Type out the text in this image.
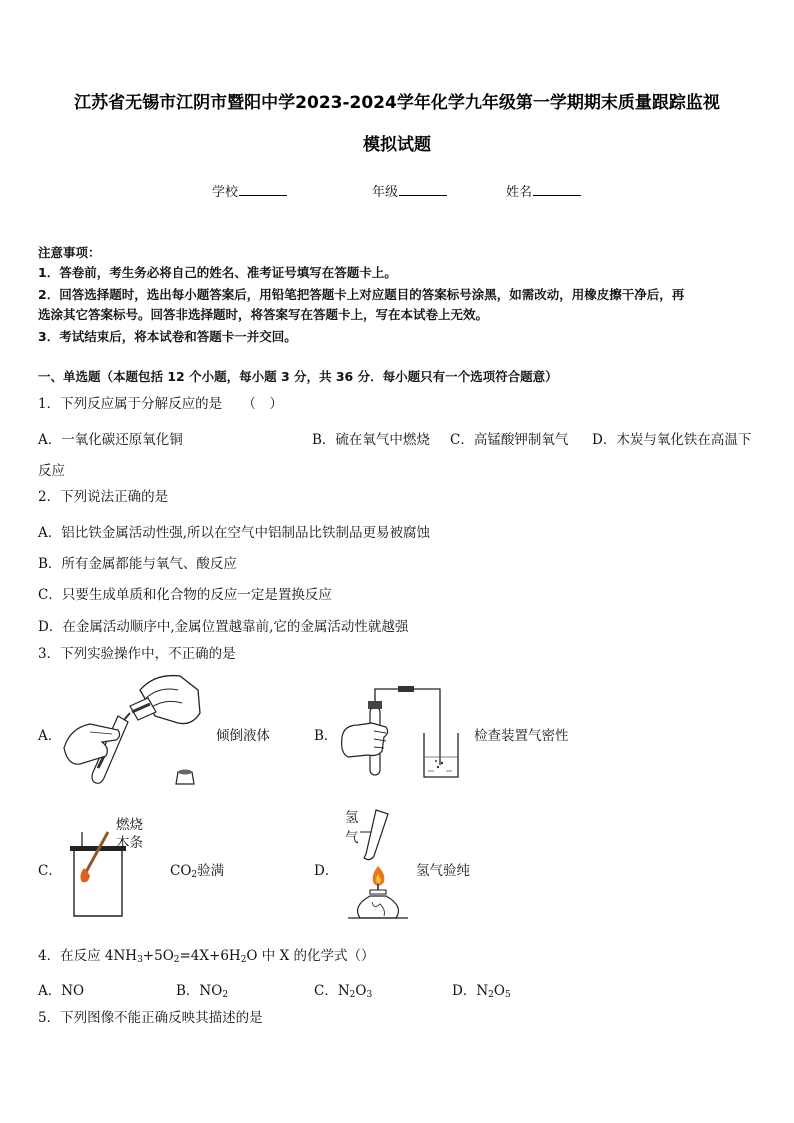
江苏省无锡市江阴市暨阳中学2023-2024学年化学九年级第一学期期末质量跟踪监视
模拟试题
学校	年级	姓名
注意事项：
1．答卷前，考生务必将自己的姓名、准考证号填写在答题卡上。
2．回答选择题时，选出每小题答案后，用铅笔把答题卡上对应题目的答案标号涂黑，如需改动，用橡皮擦干净后，再
选涂其它答案标号。回答非选择题时，将答案写在答题卡上，写在本试卷上无效。
3．考试结束后，将本试卷和答题卡一并交回。
一、单选题（本题包括 12 个小题，每小题 3 分，共 36 分．每小题只有一个选项符合题意）
1．下列反应属于分解反应的是　　（　）
A．一氧化碳还原氧化铜	B．硫在氧气中燃烧 C．高锰酸钾制氧气 D．木炭与氧化铁在高温下
反应
2．下列说法正确的是
A．铝比铁金属活动性强,所以在空气中铝制品比铁制品更易被腐蚀
B．所有金属都能与氧气、酸反应
C．只要生成单质和化合物的反应一定是置换反应
D．在金属活动顺序中,金属位置越靠前,它的金属活动性就越强
3．下列实验操作中，不正确的是
A．	倾倒液体	B．	检查装置气密性
C．
燃烧
木条
$CO_2$验满	D．
氢
气
氢气验纯
4．在反应 $4NH_3+5O_2=4X+6H_2O$ 中 X 的化学式（）
A．NO	B．$NO_2$	C．$N_2O_3$	D．$N_2O_5$
5．下列图像不能正确反映其描述的是
